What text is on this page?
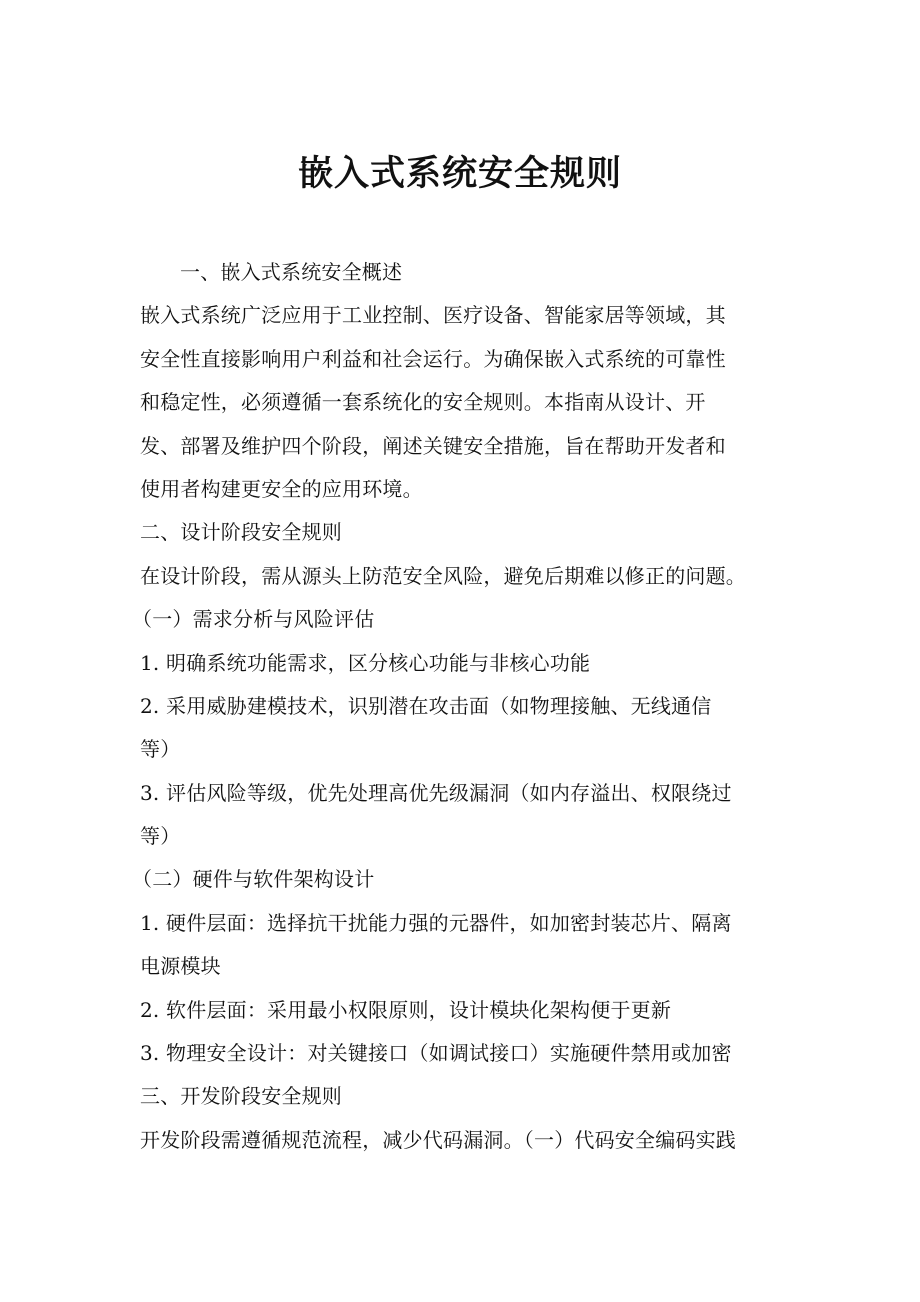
嵌入式系统安全规则
一、嵌入式系统安全概述
嵌入式系统广泛应用于工业控制、医疗设备、智能家居等领域，其
安全性直接影响用户利益和社会运行。为确保嵌入式系统的可靠性
和稳定性，必须遵循一套系统化的安全规则。本指南从设计、开
发、部署及维护四个阶段，阐述关键安全措施，旨在帮助开发者和
使用者构建更安全的应用环境。
二、设计阶段安全规则
在设计阶段，需从源头上防范安全风险，避免后期难以修正的问题。
（一）需求分析与风险评估
1. 明确系统功能需求，区分核心功能与非核心功能
2. 采用威胁建模技术，识别潜在攻击面（如物理接触、无线通信
等）
3. 评估风险等级，优先处理高优先级漏洞（如内存溢出、权限绕过
等）
（二）硬件与软件架构设计
1. 硬件层面：选择抗干扰能力强的元器件，如加密封装芯片、隔离
电源模块
2. 软件层面：采用最小权限原则，设计模块化架构便于更新
3. 物理安全设计：对关键接口（如调试接口）实施硬件禁用或加密
三、开发阶段安全规则
开发阶段需遵循规范流程，减少代码漏洞。（一）代码安全编码实践
